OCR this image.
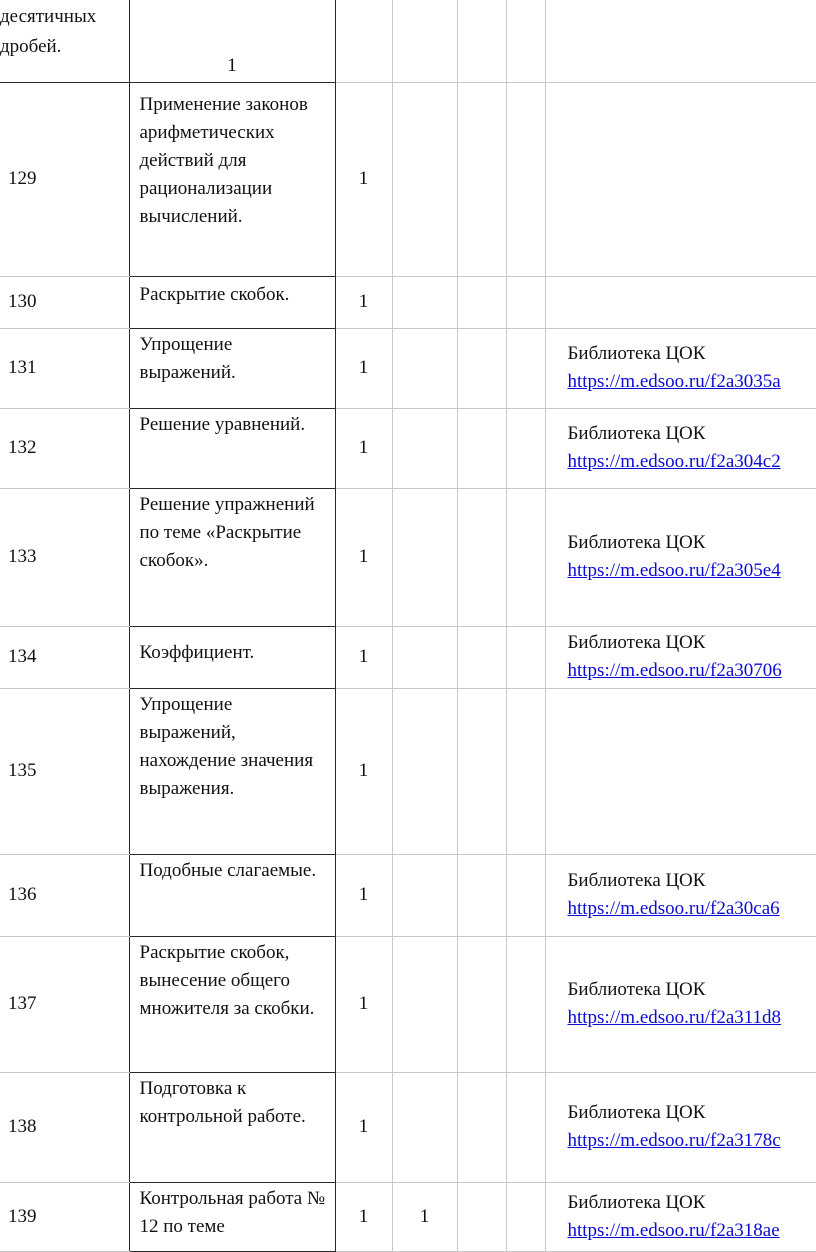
десятичных дробей.	1					
129	Применение законов арифметических действий для рационализации вычислений.	1				
130	Раскрытие скобок.	1				
131	Упрощение выражений.	1				Библиотека ЦОК
https://m.edsoo.ru/f2a3035a

132	Решение уравнений.	1				Библиотека ЦОК
https://m.edsoo.ru/f2a304c2

133	Решение упражнений по теме «Раскрытие скобок».	1				Библиотека ЦОК
https://m.edsoo.ru/f2a305e4

134	Коэффициент.	1				Библиотека ЦОК
https://m.edsoo.ru/f2a30706

135	Упрощение выражений, нахождение значения выражения.	1				
136	Подобные слагаемые.	1				Библиотека ЦОК
https://m.edsoo.ru/f2a30ca6

137	Раскрытие скобок, вынесение общего множителя за скобки.	1				Библиотека ЦОК
https://m.edsoo.ru/f2a311d8

138	Подготовка к контрольной работе.	1				Библиотека ЦОК
https://m.edsoo.ru/f2a3178c

139	Контрольная работа № 12 по теме	1	1			Библиотека ЦОК
https://m.edsoo.ru/f2a318ae
